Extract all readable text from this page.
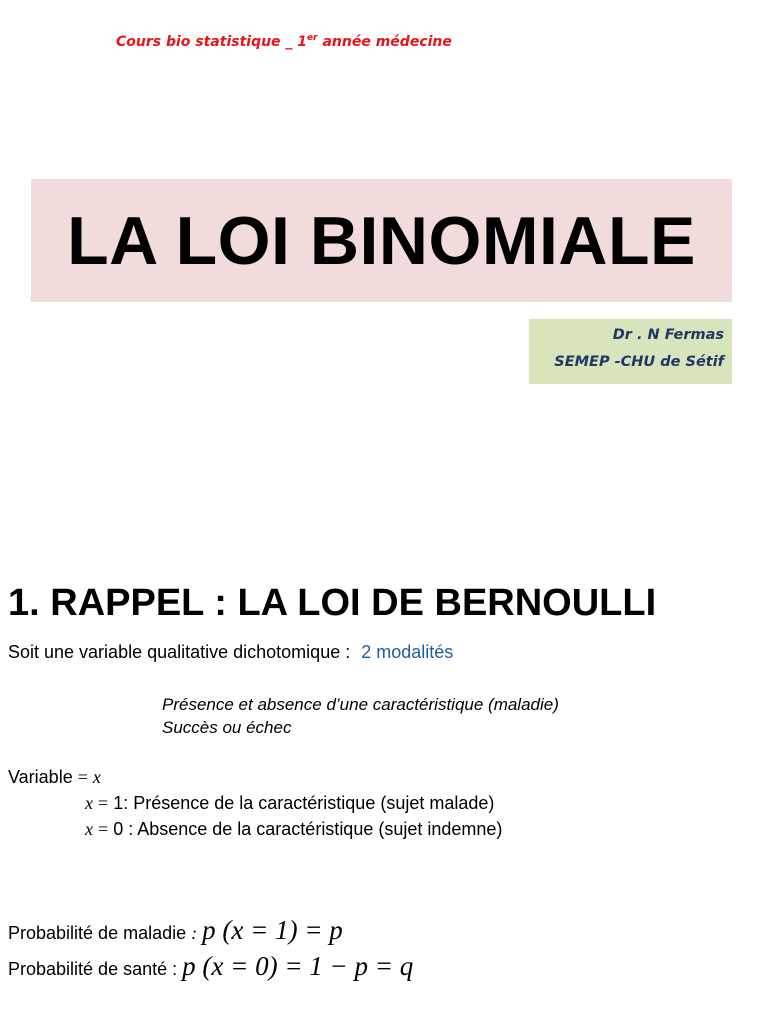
Cours bio statistique _ 1er année médecine
LA LOI BINOMIALE
Dr . N Fermas
SEMEP -CHU de Sétif
1. RAPPEL : LA LOI DE BERNOULLI
Soit une variable qualitative dichotomique : 2 modalités
Présence et absence d’une caractéristique (maladie)
Succès ou échec
Variable = x
x = 1: Présence de la caractéristique (sujet malade)
x = 0 : Absence de la caractéristique (sujet indemne)
Probabilité de maladie : p (x = 1) = p
Probabilité de santé : p (x = 0) = 1 − p = q
